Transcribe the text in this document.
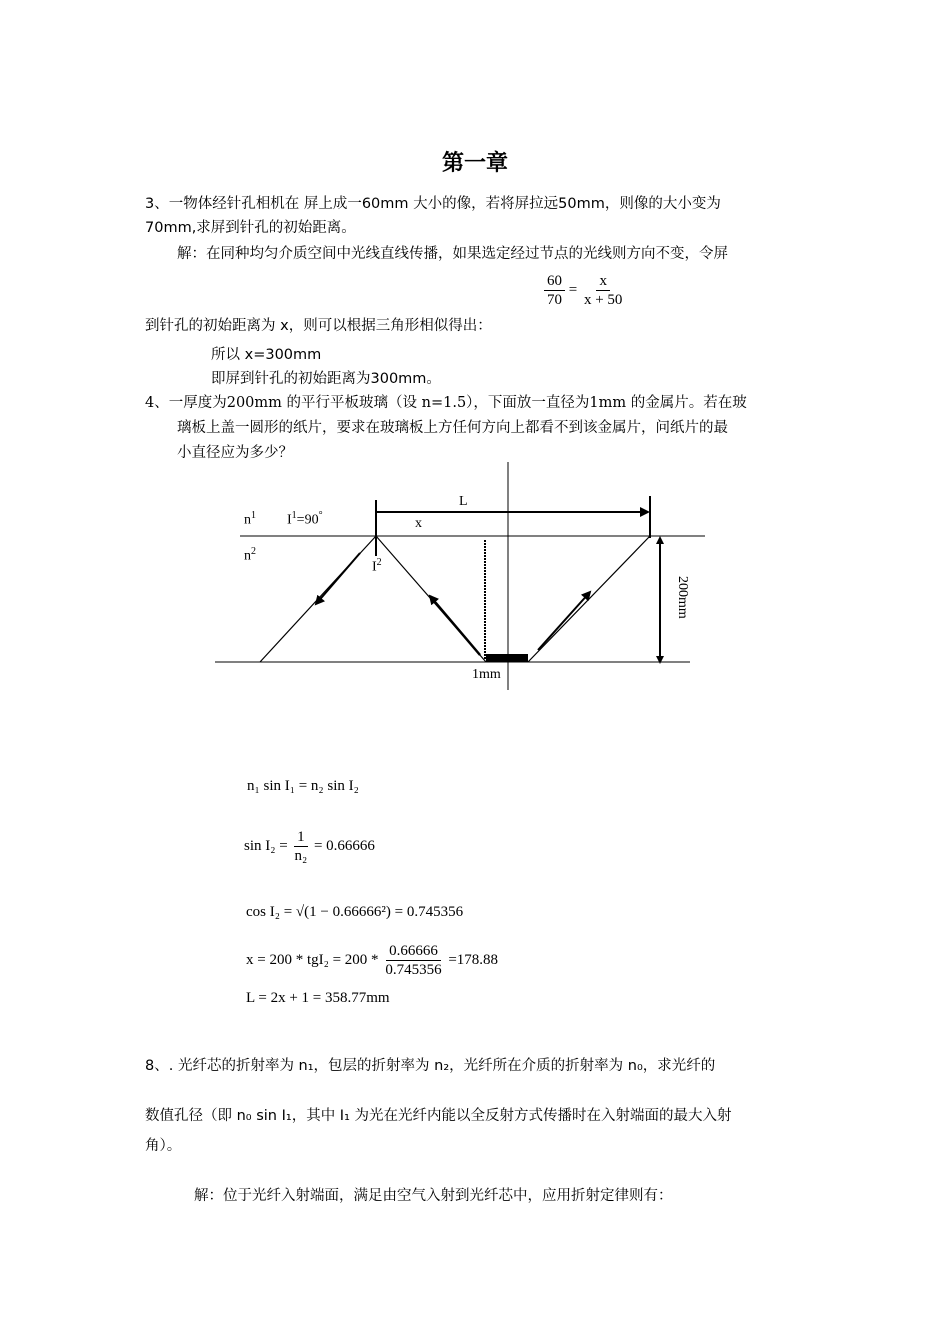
第一章
3、一物体经针孔相机在 屏上成一60mm 大小的像，若将屏拉远50mm，则像的大小变为
70mm,求屏到针孔的初始距离。
解：在同种均匀介质空间中光线直线传播，如果选定经过节点的光线则方向不变，令屏
$\frac{60}{70} = \frac{x}{x + 50}$
到针孔的初始距离为 x，则可以根据三角形相似得出：
所以 x=300mm
即屏到针孔的初始距离为300mm。
4、一厚度为200mm 的平行平板玻璃（设 n=1.5），下面放一直径为1mm 的金属片。若在玻
璃板上盖一圆形的纸片，要求在玻璃板上方任何方向上都看不到该金属片，问纸片的最
小直径应为多少？
$n^1$ $I^1=90^\circ$
L
x
$n^2$
$I^2$
200mm
1mm
n₁ sin I₁ = n₂ sin I₂
$\sin I_2 = \frac{1}{\text{n₂}} = 0.66666$
cos I₂ = √(1 − 0.66666²) = 0.745356
$x = 200 * tgI_2 = 200 * \frac{0.66666}{0.745356} =178.88$
L = 2x + 1 = 358.77mm
8、. 光纤芯的折射率为 n₁，包层的折射率为 n₂，光纤所在介质的折射率为 n₀，求光纤的
数值孔径（即 n₀ sin I₁，其中 I₁ 为光在光纤内能以全反射方式传播时在入射端面的最大入射
角）。
解：位于光纤入射端面，满足由空气入射到光纤芯中，应用折射定律则有：
